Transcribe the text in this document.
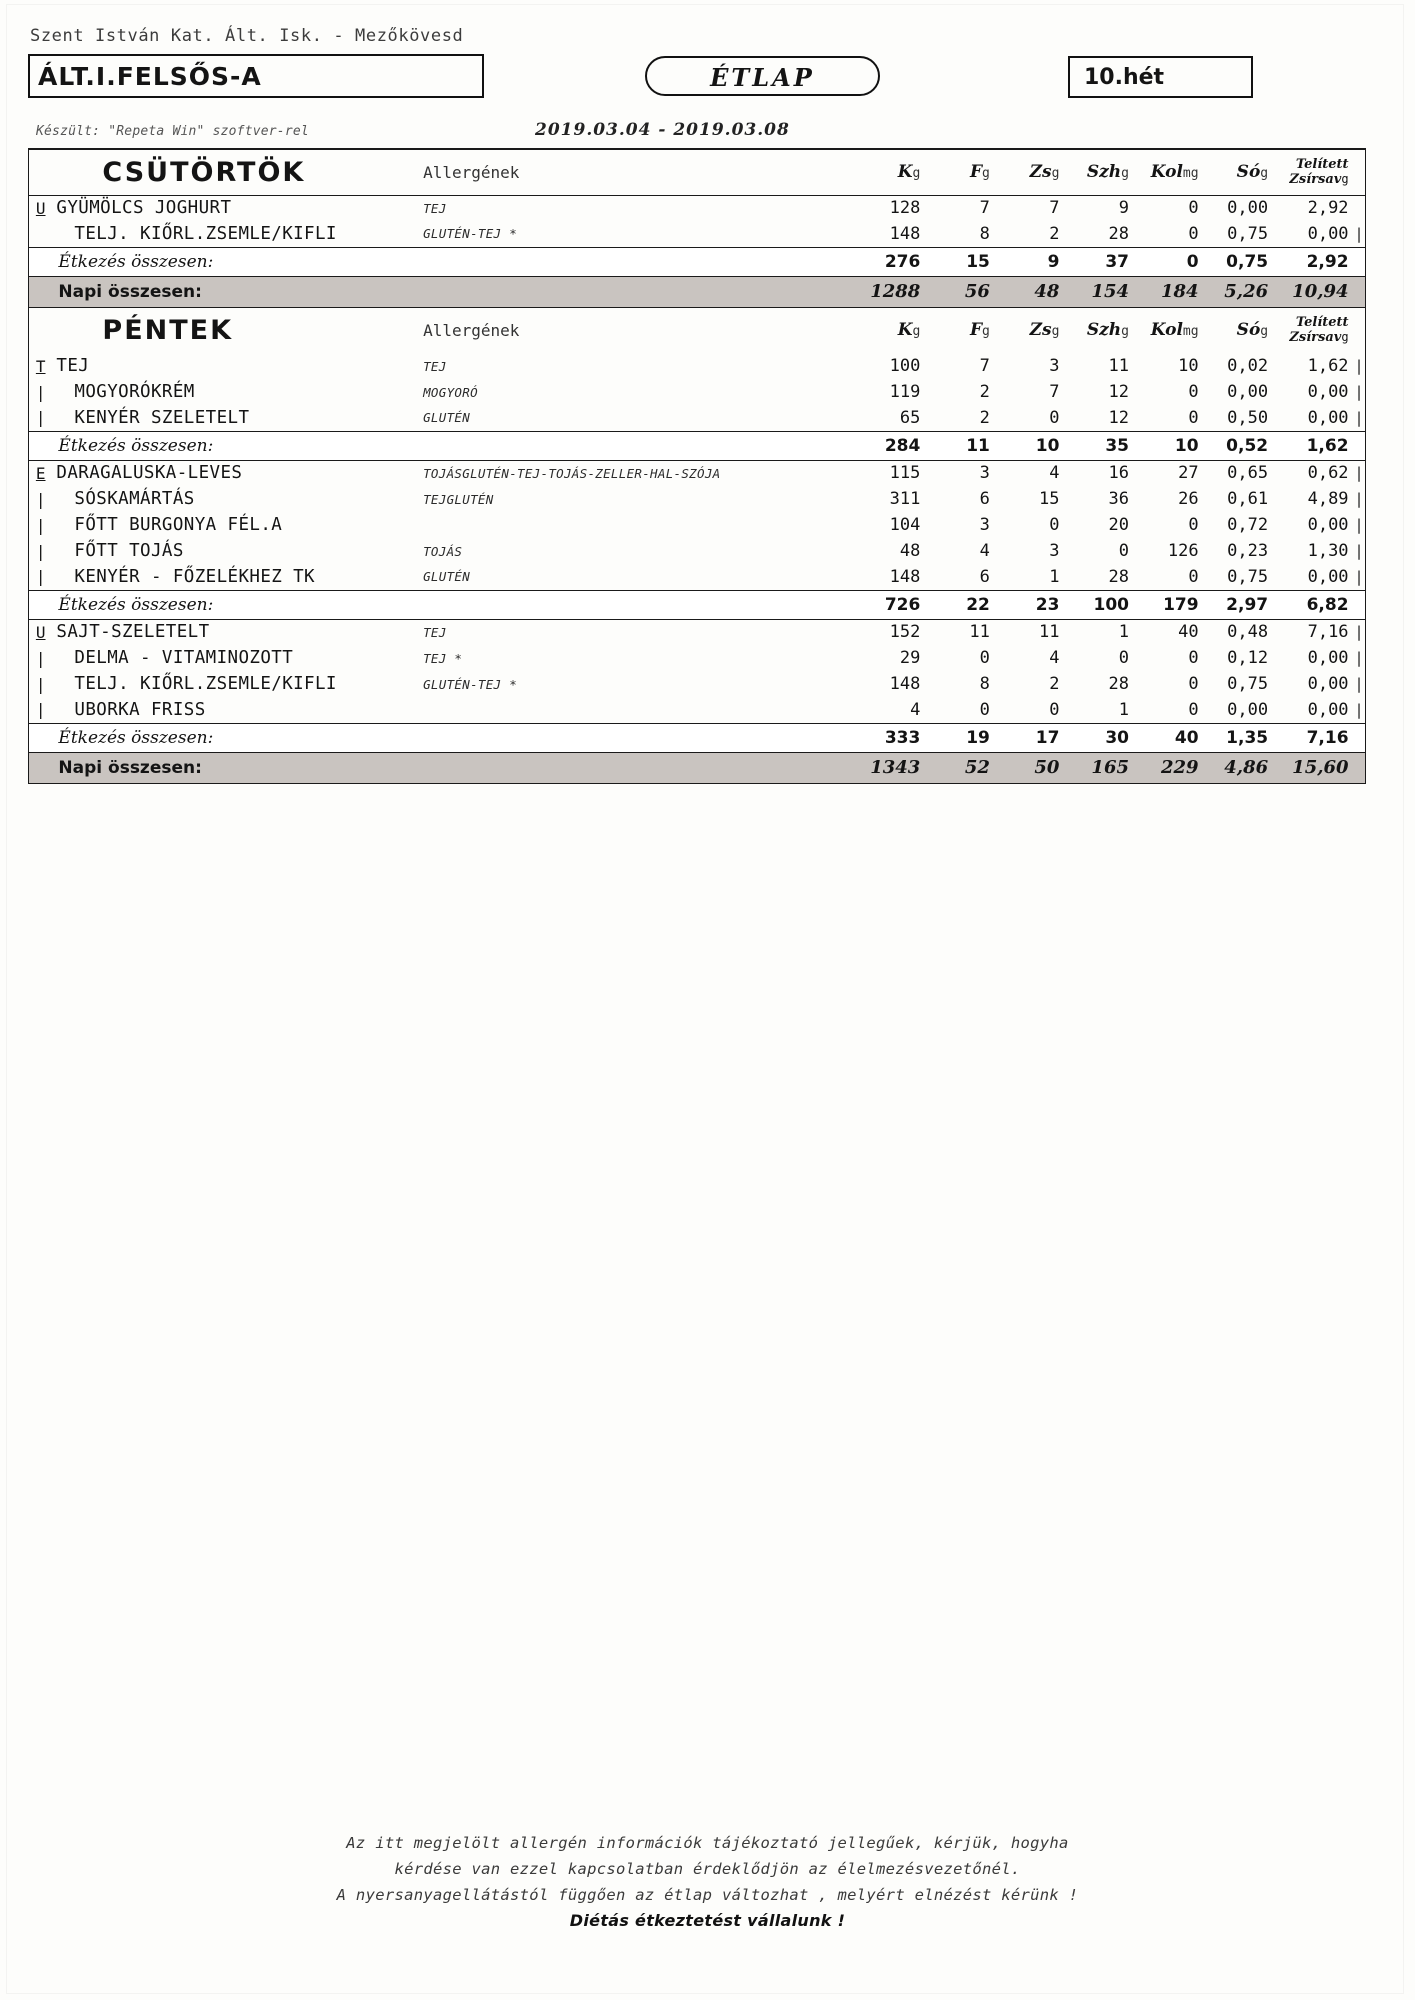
Szent István Kat. Ált. Isk. - Mezőkövesd
ÁLT.I.FELSŐS-A	ÉTLAP	10.hét
Készült: "Repeta Win" szoftver-rel	2019.03.04 - 2019.03.08
	CSÜTÖRTÖK	Allergének	Kg	Fg	Zsg	Szhg	Kolmg	Sóg	Telített
Zsírsavg	

U	GYÜMÖLCS JOGHURT	TEJ	128	7	7	9	0	0,00	2,92	
	TELJ. KIŐRL.ZSEMLE/KIFLI	GLUTÉN-TEJ *	148	8	2	28	0	0,75	0,00	|
	Étkezés összesen:		276	15	9	37	0	0,75	2,92	
	Napi összesen:		1288	56	48	154	184	5,26	10,94	
	PÉNTEK	Allergének	Kg	Fg	Zsg	Szhg	Kolmg	Sóg	Telített
Zsírsavg	

T	TEJ	TEJ	100	7	3	11	10	0,02	1,62	|
|	MOGYORÓKRÉM	MOGYORÓ	119	2	7	12	0	0,00	0,00	|
|	KENYÉR SZELETELT	GLUTÉN	65	2	0	12	0	0,50	0,00	|
	Étkezés összesen:		284	11	10	35	10	0,52	1,62	
E	DARAGALUSKA-LEVES	TOJÁSGLUTÉN-TEJ-TOJÁS-ZELLER-HAL-SZÓJA	115	3	4	16	27	0,65	0,62	|
|	SÓSKAMÁRTÁS	TEJGLUTÉN	311	6	15	36	26	0,61	4,89	|
|	FŐTT BURGONYA FÉL.A		104	3	0	20	0	0,72	0,00	|
|	FŐTT TOJÁS	TOJÁS	48	4	3	0	126	0,23	1,30	|
|	KENYÉR - FŐZELÉKHEZ TK	GLUTÉN	148	6	1	28	0	0,75	0,00	|
	Étkezés összesen:		726	22	23	100	179	2,97	6,82	
U	SAJT-SZELETELT	TEJ	152	11	11	1	40	0,48	7,16	|
|	DELMA - VITAMINOZOTT	TEJ *	29	0	4	0	0	0,12	0,00	|
|	TELJ. KIŐRL.ZSEMLE/KIFLI	GLUTÉN-TEJ *	148	8	2	28	0	0,75	0,00	|
|	UBORKA FRISS		4	0	0	1	0	0,00	0,00	|
	Étkezés összesen:		333	19	17	30	40	1,35	7,16	
	Napi összesen:		1343	52	50	165	229	4,86	15,60	
Az itt megjelölt allergén információk tájékoztató jellegűek, kérjük, hogyha
kérdése van ezzel kapcsolatban érdeklődjön az élelmezésvezetőnél.
A nyersanyagellátástól függően az étlap változhat , melyért elnézést kérünk !
Diétás étkeztetést vállalunk !
